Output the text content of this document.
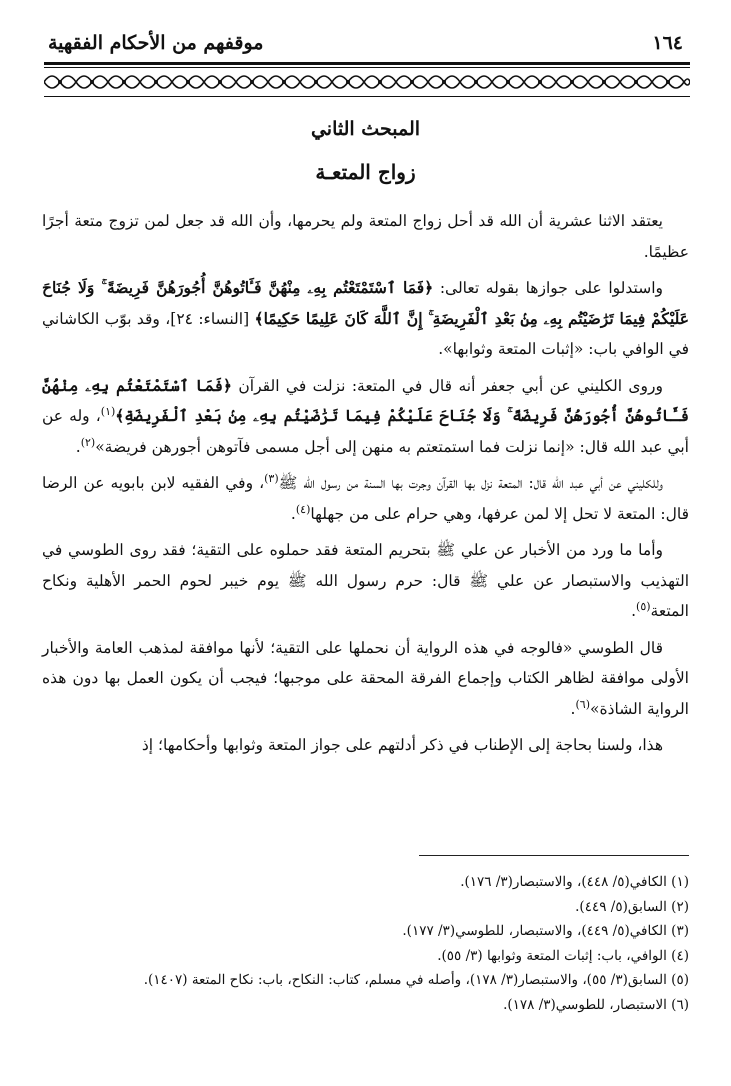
موقفهم من الأحكام الفقهية	١٦٤
المبحث الثاني
زواج المتعـة

يعتقد الاثنا عشرية أن الله قد أحل زواج المتعة ولم يحرمها، وأن الله قد جعل لمن تزوج متعة أجرًا عظيمًا.

واستدلوا على جوازها بقوله تعالى: ﴿فَمَا ٱسْتَمْتَعْتُم بِهِۦ مِنْهُنَّ فَـَٔاتُوهُنَّ أُجُورَهُنَّ فَرِيضَةً ۚ وَلَا جُنَاحَ عَلَيْكُمْ فِيمَا تَرَٰضَيْتُم بِهِۦ مِنۢ بَعْدِ ٱلْفَرِيضَةِ ۚ إِنَّ ٱللَّهَ كَانَ عَلِيمًا حَكِيمًا﴾ [النساء: ٢٤]، وقد بوّب الكاشاني في الوافي باب: «إثبات المتعة وثوابها».

وروى الكليني عن أبي جعفر أنه قال في المتعة: نزلت في القرآن ﴿فَمَا ٱسْتَمْتَعْتُم بِهِۦ مِنْهُنَّ فَـَٔاتُوهُنَّ أُجُورَهُنَّ فَرِيضَةً ۚ وَلَا جُنَاحَ عَلَيْكُمْ فِيمَا تَرَٰضَيْتُم بِهِۦ مِنۢ بَعْدِ ٱلْفَرِيضَةِ﴾$^{(١)}$، وله عن أبي عبد الله قال: «إنما نزلت فما استمتعتم به منهن إلى أجل مسمى فآتوهن أجورهن فريضة»$^{(٢)}$.

وللكليني عن أبي عبد الله قال: المتعة نزل بها القرآن وجرت بها السنة من رسول الله ﷺ$^{(٣)}$، وفي الفقيه لابن بابويه عن الرضا قال: المتعة لا تحل إلا لمن عرفها، وهي حرام على من جهلها$^{(٤)}$.

وأما ما ورد من الأخبار عن علي ﷺ بتحريم المتعة فقد حملوه على التقية؛ فقد روى الطوسي في التهذيب والاستبصار عن علي ﷺ قال: حرم رسول الله ﷺ يوم خيبر لحوم الحمر الأهلية ونكاح المتعة$^{(٥)}$.

قال الطوسي «فالوجه في هذه الرواية أن نحملها على التقية؛ لأنها موافقة لمذهب العامة والأخبار الأولى موافقة لظاهر الكتاب وإجماع الفرقة المحقة على موجبها؛ فيجب أن يكون العمل بها دون هذه الرواية الشاذة»$^{(٦)}$.

هذا، ولسنا بحاجة إلى الإطناب في ذكر أدلتهم على جواز المتعة وثوابها وأحكامها؛ إذ

(١) الكافي(٥/ ٤٤٨)، والاستبصار(٣/ ١٧٦).
(٢) السابق(٥/ ٤٤٩).
(٣) الكافي(٥/ ٤٤٩)، والاستبصار، للطوسي(٣/ ١٧٧).
(٤) الوافي، باب: إثبات المتعة وثوابها (٣/ ٥٥).
(٥) السابق(٣/ ٥٥)، والاستبصار(٣/ ١٧٨)، وأصله في مسلم، كتاب: النكاح، باب: نكاح المتعة (١٤٠٧).
(٦) الاستبصار، للطوسي(٣/ ١٧٨).
